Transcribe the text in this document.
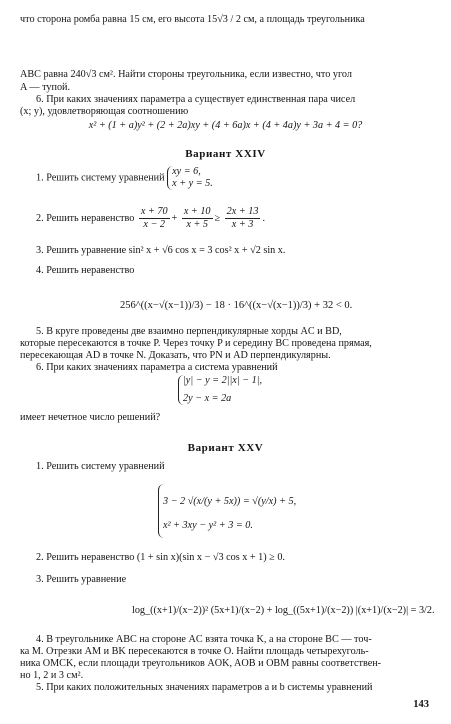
что сторона ромба равна 15 см, его высота 15√3 / 2 см, а площадь треугольника
ABC равна 240√3 см². Найти стороны треугольника, если известно, что угол
A — тупой.
6. При каких значениях параметра a существует единственная пара чисел
(x; y), удовлетворяющая соотношению
x² + (1 + a)y² + (2 + 2a)xy + (4 + 6a)x + (4 + 4a)y + 3a + 4 = 0?
Вариант XXIV
1. Решить систему уравнений
xy = 6,
x + y = 5.
2. Решить неравенство $\frac{x + 70}{x - 2} + \frac{x + 10}{x + 5} \ge \frac{2x + 13}{x + 3}$ .
3. Решить уравнение sin² x + √6 cos x = 3 cos² x + √2 sin x.
4. Решить неравенство
256^((x−√(x−1))/3) − 18 · 16^((x−√(x−1))/3) + 32 < 0.
5. В круге проведены две взаимно перпендикулярные хорды AC и BD,
которые пересекаются в точке P. Через точку P и середину BC проведена прямая,
пересекающая AD в точке N. Доказать, что PN и AD перпендикулярны.
6. При каких значениях параметра a система уравнений
|y| − y = 2||x| − 1|,
2y − x = 2a
имеет нечетное число решений?
Вариант XXV
1. Решить систему уравнений
3 − 2 √(x/(y + 5x)) = √(y/x) + 5,
x² + 3xy − y² + 3 = 0.
2. Решить неравенство (1 + sin x)(sin x − √3 cos x + 1) ≥ 0.
3. Решить уравнение
log_((x+1)/(x−2))² (5x+1)/(x−2) + log_((5x+1)/(x−2)) |(x+1)/(x−2)| = 3/2.
4. В треугольнике ABC на стороне AC взята точка K, а на стороне BC — точ-
ка M. Отрезки AM и BK пересекаются в точке O. Найти площадь четырехуголь-
ника OMCK, если площади треугольников AOK, AOB и OBM равны соответствен-
но 1, 2 и 3 см².
5. При каких положительных значениях параметров a и b системы уравнений
143
